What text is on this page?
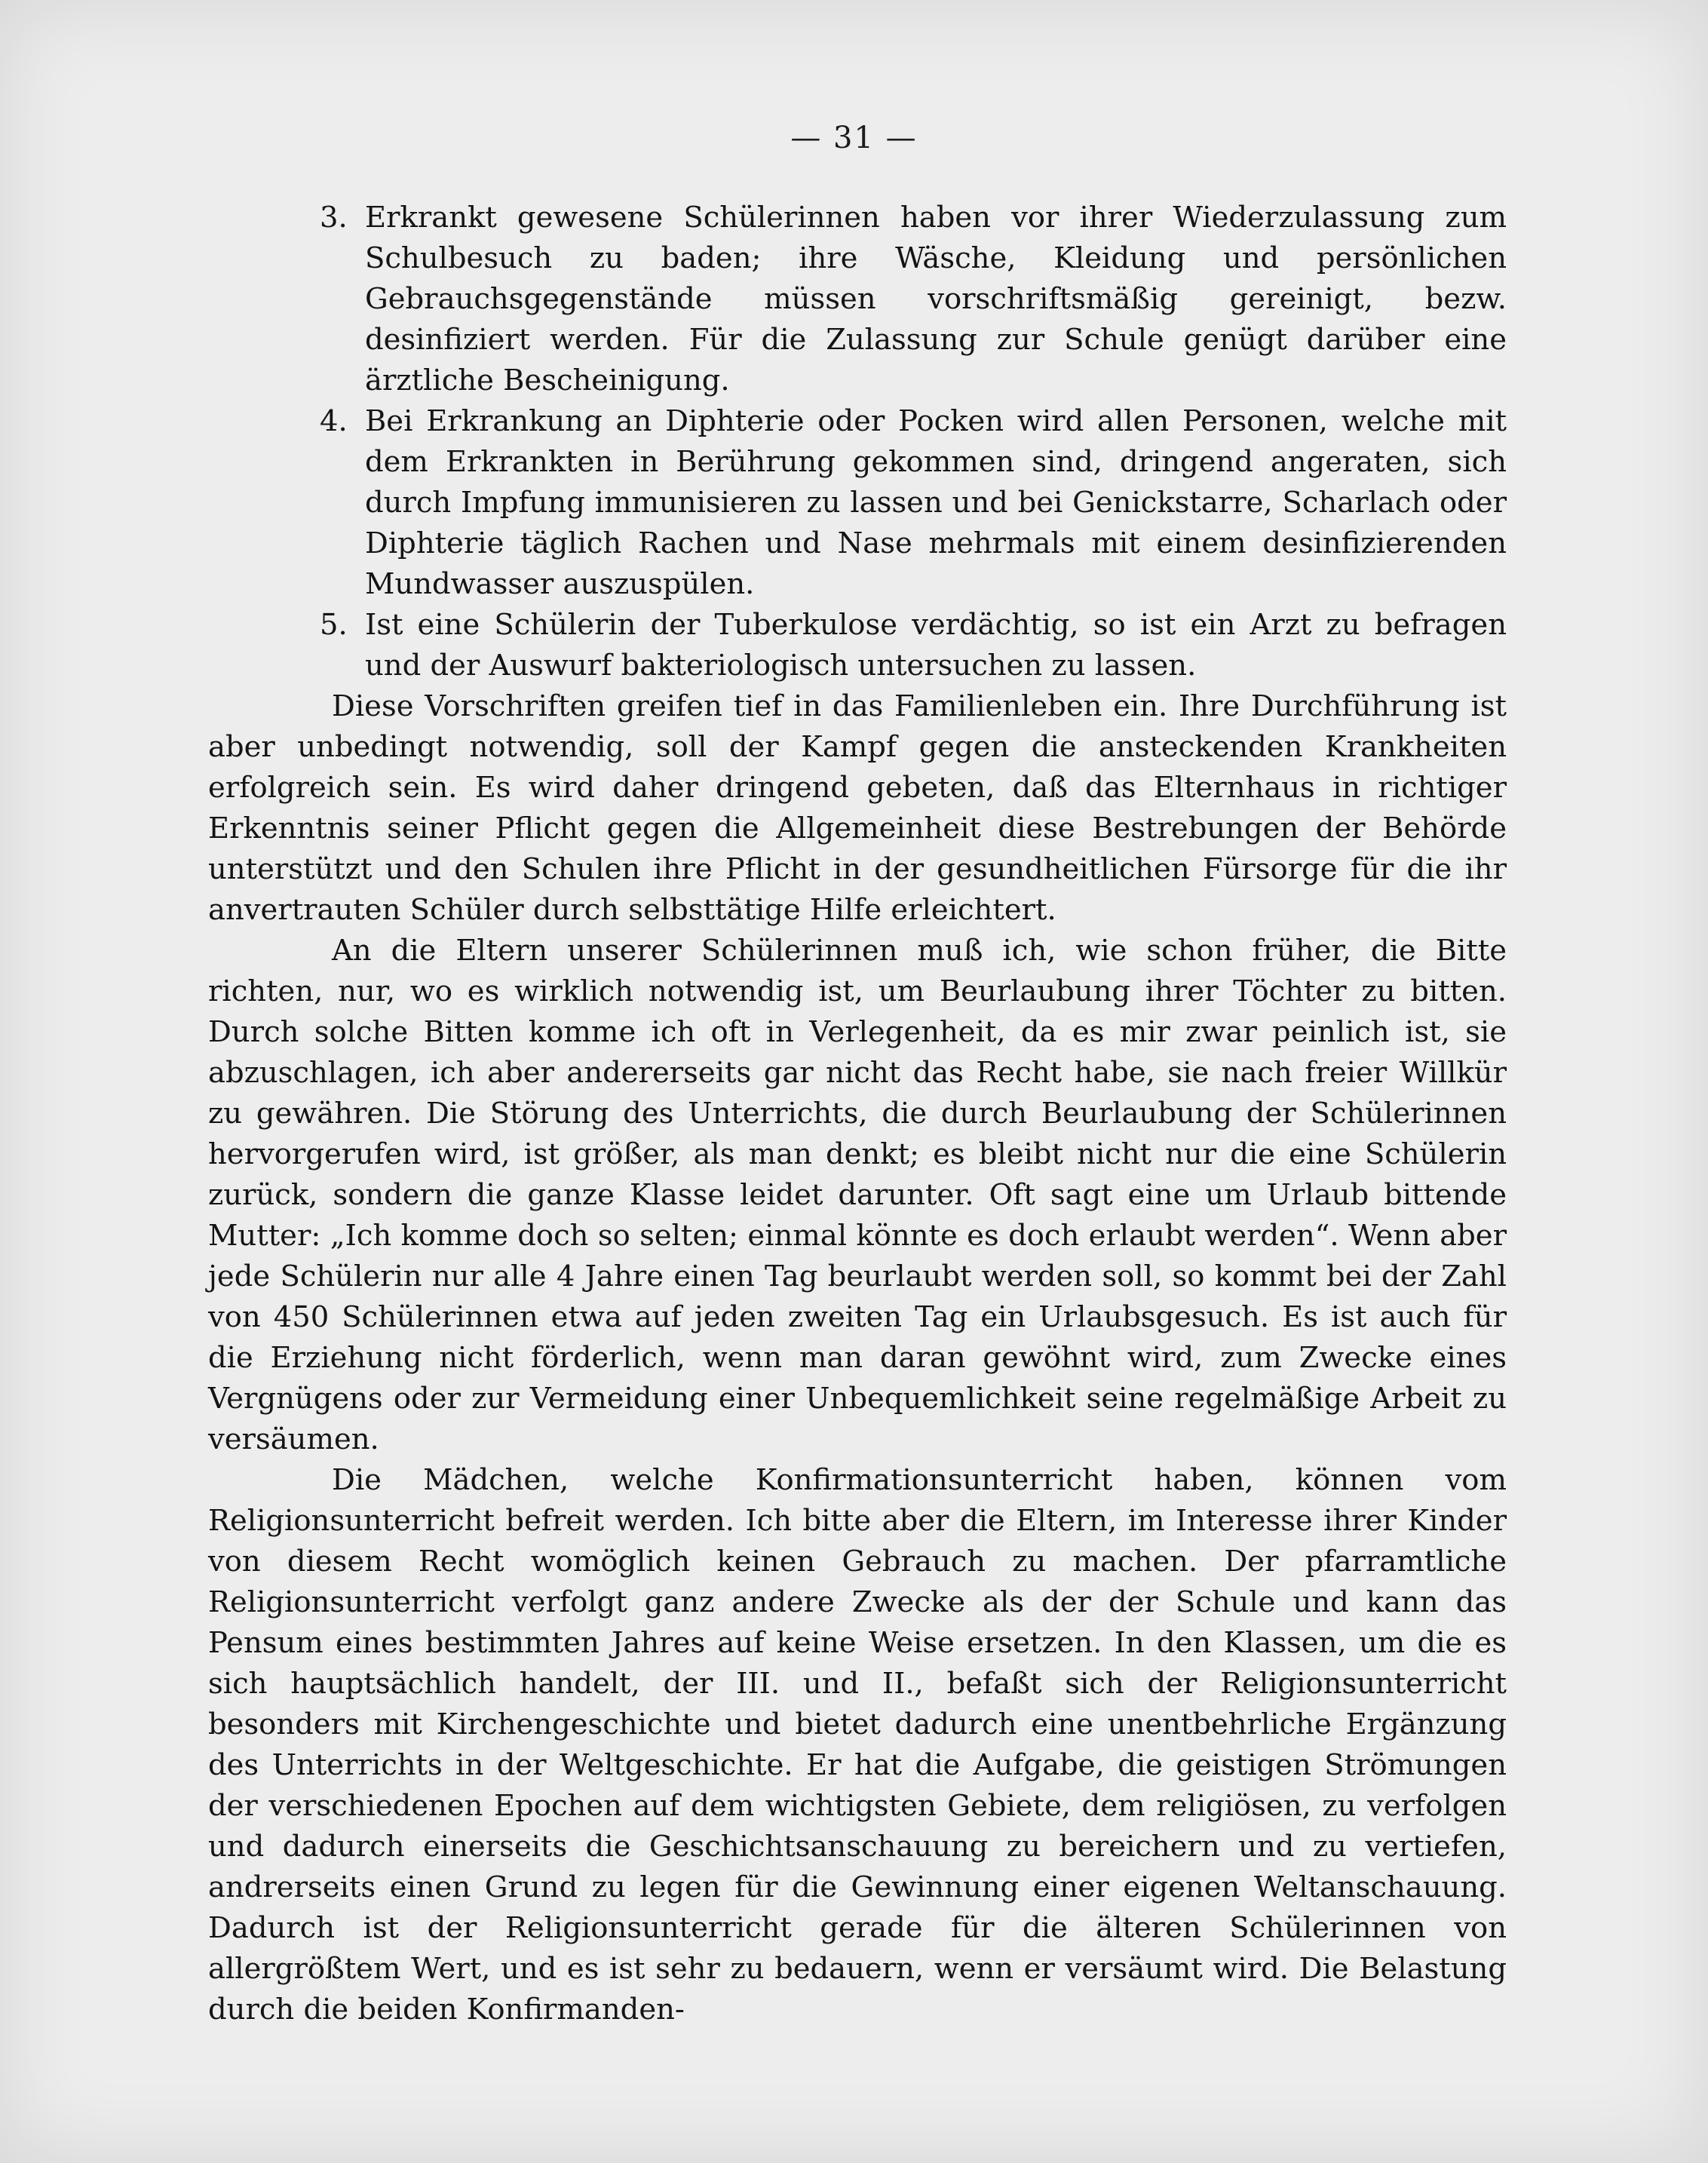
— 31 —
3. Erkrankt gewesene Schülerinnen haben vor ihrer Wiederzulassung zum Schulbesuch zu baden; ihre Wäsche, Kleidung und persönlichen Gebrauchsgegenstände müssen vorschriftsmäßig gereinigt, bezw. desinfiziert werden. Für die Zulassung zur Schule genügt darüber eine ärztliche Bescheinigung.
4. Bei Erkrankung an Diphterie oder Pocken wird allen Personen, welche mit dem Erkrankten in Berührung gekommen sind, dringend angeraten, sich durch Impfung immunisieren zu lassen und bei Genickstarre, Scharlach oder Diphterie täglich Rachen und Nase mehrmals mit einem desinfizierenden Mundwasser auszuspülen.
5. Ist eine Schülerin der Tuberkulose verdächtig, so ist ein Arzt zu befragen und der Auswurf bakteriologisch untersuchen zu lassen.

Diese Vorschriften greifen tief in das Familienleben ein. Ihre Durchführung ist aber unbedingt notwendig, soll der Kampf gegen die ansteckenden Krankheiten erfolgreich sein. Es wird daher dringend gebeten, daß das Elternhaus in richtiger Erkenntnis seiner Pflicht gegen die Allgemeinheit diese Bestrebungen der Behörde unterstützt und den Schulen ihre Pflicht in der gesundheitlichen Fürsorge für die ihr anvertrauten Schüler durch selbsttätige Hilfe erleichtert.

An die Eltern unserer Schülerinnen muß ich, wie schon früher, die Bitte richten, nur, wo es wirklich notwendig ist, um Beurlaubung ihrer Töchter zu bitten. Durch solche Bitten komme ich oft in Verlegenheit, da es mir zwar peinlich ist, sie abzuschlagen, ich aber andererseits gar nicht das Recht habe, sie nach freier Willkür zu gewähren. Die Störung des Unterrichts, die durch Beurlaubung der Schülerinnen hervorgerufen wird, ist größer, als man denkt; es bleibt nicht nur die eine Schülerin zurück, sondern die ganze Klasse leidet darunter. Oft sagt eine um Urlaub bittende Mutter: „Ich komme doch so selten; einmal könnte es doch erlaubt werden“. Wenn aber jede Schülerin nur alle 4 Jahre einen Tag beurlaubt werden soll, so kommt bei der Zahl von 450 Schülerinnen etwa auf jeden zweiten Tag ein Urlaubsgesuch. Es ist auch für die Erziehung nicht förderlich, wenn man daran gewöhnt wird, zum Zwecke eines Vergnügens oder zur Vermeidung einer Unbequemlichkeit seine regelmäßige Arbeit zu versäumen.

Die Mädchen, welche Konfirmationsunterricht haben, können vom Religionsunterricht befreit werden. Ich bitte aber die Eltern, im Interesse ihrer Kinder von diesem Recht womöglich keinen Gebrauch zu machen. Der pfarramtliche Religionsunterricht verfolgt ganz andere Zwecke als der der Schule und kann das Pensum eines bestimmten Jahres auf keine Weise ersetzen. In den Klassen, um die es sich hauptsächlich handelt, der III. und II., befaßt sich der Religionsunterricht besonders mit Kirchengeschichte und bietet dadurch eine unentbehrliche Ergänzung des Unterrichts in der Weltgeschichte. Er hat die Aufgabe, die geistigen Strömungen der verschiedenen Epochen auf dem wichtigsten Gebiete, dem religiösen, zu verfolgen und dadurch einerseits die Geschichtsanschauung zu bereichern und zu vertiefen, andrerseits einen Grund zu legen für die Gewinnung einer eigenen Weltanschauung. Dadurch ist der Religionsunterricht gerade für die älteren Schülerinnen von allergrößtem Wert, und es ist sehr zu bedauern, wenn er versäumt wird. Die Belastung durch die beiden Konfirmanden-
